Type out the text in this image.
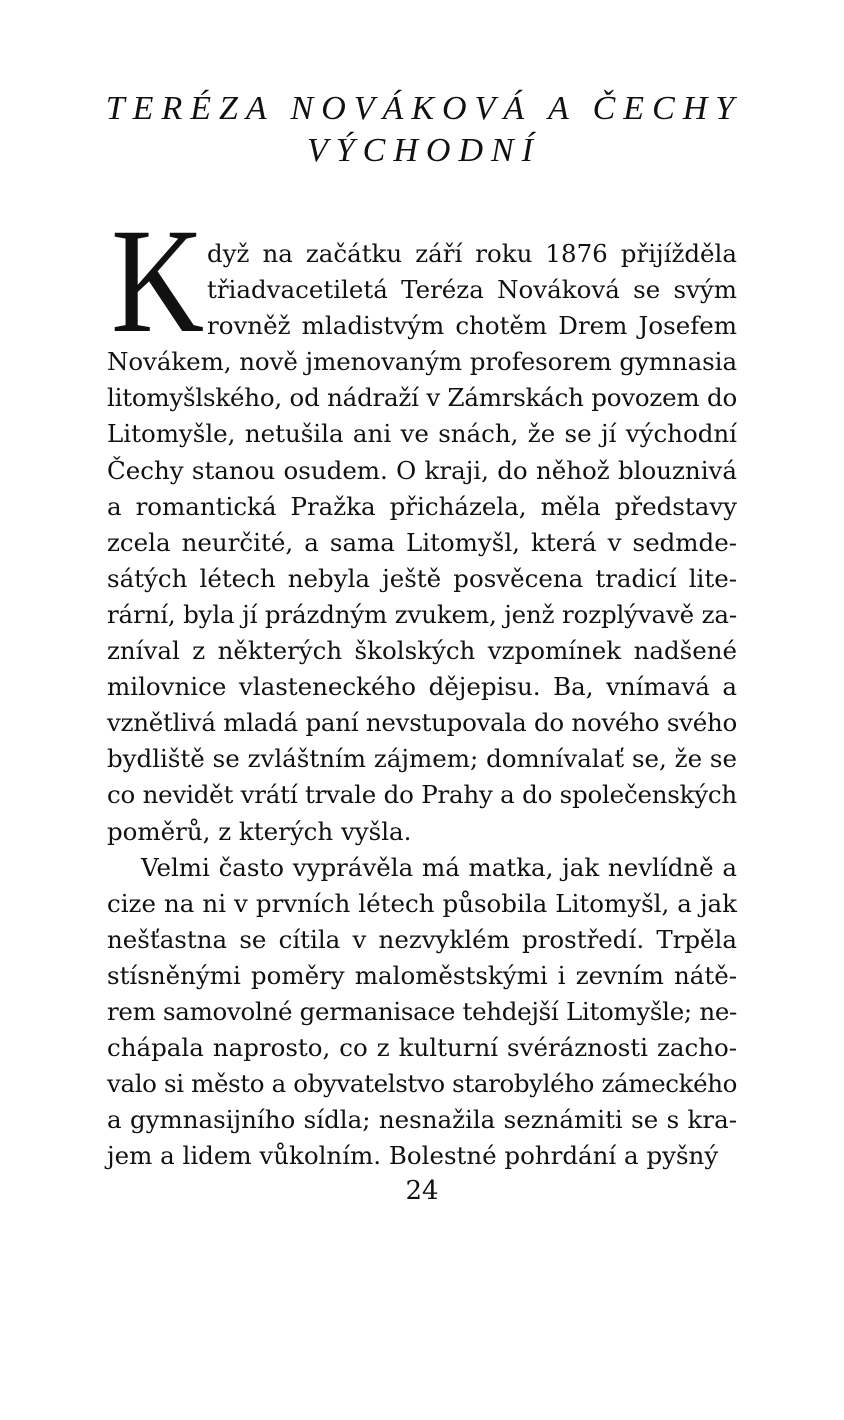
TERÉZA NOVÁKOVÁ A ČECHY
VÝCHODNÍ
K dyž na začátku září roku 1876 přijížděla
třiadvacetiletá Teréza Nováková se svým
rovněž mladistvým chotěm Drem Josefem
Novákem, nově jmenovaným profesorem gymnasia
litomyšlského, od nádraží v Zámrskách povozem do
Litomyšle, netušila ani ve snách, že se jí východní
Čechy stanou osudem. O kraji, do něhož blouznivá
a romantická Pražka přicházela, měla představy
zcela neurčité, a sama Litomyšl, která v sedmde-
sátých létech nebyla ještě posvěcena tradicí lite-
rární, byla jí prázdným zvukem, jenž rozplývavě za-
zníval z některých školských vzpomínek nadšené
milovnice vlasteneckého dějepisu. Ba, vnímavá a
vznětlivá mladá paní nevstupovala do nového svého
bydliště se zvláštním zájmem; domnívalať se, že se
co nevidět vrátí trvale do Prahy a do společenských
poměrů, z kterých vyšla.
Velmi často vyprávěla má matka, jak nevlídně a
cize na ni v prvních létech působila Litomyšl, a jak
nešťastna se cítila v nezvyklém prostředí. Trpěla
stísněnými poměry maloměstskými i zevním nátě-
rem samovolné germanisace tehdejší Litomyšle; ne-
chápala naprosto, co z kulturní svéráznosti zacho-
valo si město a obyvatelstvo starobylého zámeckého
a gymnasijního sídla; nesnažila seznámiti se s kra-
jem a lidem vůkolním. Bolestné pohrdání a pyšný
24
